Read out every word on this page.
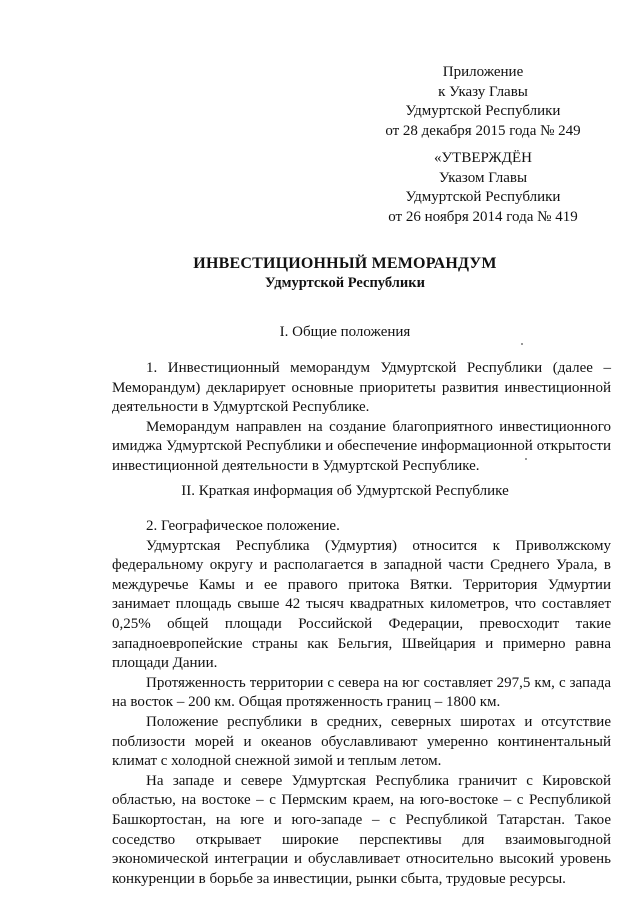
Приложение
к Указу Главы
Удмуртской Республики
от 28 декабря 2015 года № 249
«УТВЕРЖДЁН
Указом Главы
Удмуртской Республики
от 26 ноября 2014 года № 419
ИНВЕСТИЦИОННЫЙ МЕМОРАНДУМ
Удмуртской Республики
I. Общие положения

1. Инвестиционный меморандум Удмуртской Республики (далее – Меморандум) декларирует основные приоритеты развития инвестиционной деятельности в Удмуртской Республике.

Меморандум направлен на создание благоприятного инвестиционного имиджа Удмуртской Республики и обеспечение информационной открытости инвестиционной деятельности в Удмуртской Республике.

II. Краткая информация об Удмуртской Республике

2. Географическое положение.

Удмуртская Республика (Удмуртия) относится к Приволжскому федеральному округу и располагается в западной части Среднего Урала, в междуречье Камы и ее правого притока Вятки. Территория Удмуртии занимает площадь свыше 42 тысяч квадратных километров, что составляет 0,25% общей площади Российской Федерации, превосходит такие западноевропейские страны как Бельгия, Швейцария и примерно равна площади Дании.

Протяженность территории с севера на юг составляет 297,5 км, с запада на восток – 200 км. Общая протяженность границ – 1800 км.

Положение республики в средних, северных широтах и отсутствие поблизости морей и океанов обуславливают умеренно континентальный климат с холодной снежной зимой и теплым летом.

На западе и севере Удмуртская Республика граничит с Кировской областью, на востоке – с Пермским краем, на юго-востоке – с Республикой Башкортостан, на юге и юго-западе – с Республикой Татарстан. Такое соседство открывает широкие перспективы для взаимовыгодной экономической интеграции и обуславливает относительно высокий уровень конкуренции в борьбе за инвестиции, рынки сбыта, трудовые ресурсы.
